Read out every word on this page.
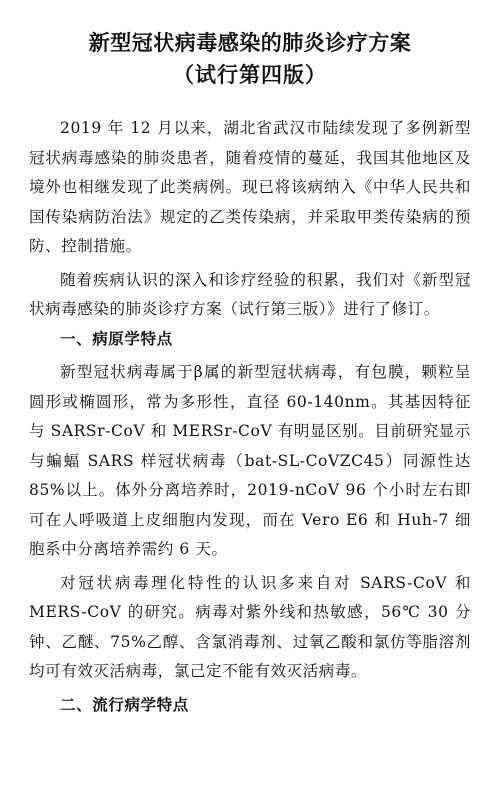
新型冠状病毒感染的肺炎诊疗方案
（试行第四版）

2019 年 12 月以来，湖北省武汉市陆续发现了多例新型冠状病毒感染的肺炎患者，随着疫情的蔓延，我国其他地区及境外也相继发现了此类病例。现已将该病纳入《中华人民共和国传染病防治法》规定的乙类传染病，并采取甲类传染病的预防、控制措施。

随着疾病认识的深入和诊疗经验的积累，我们对《新型冠状病毒感染的肺炎诊疗方案（试行第三版）》进行了修订。

一、病原学特点

新型冠状病毒属于β属的新型冠状病毒，有包膜，颗粒呈圆形或椭圆形，常为多形性，直径 60-140nm。其基因特征与 SARSr-CoV 和 MERSr-CoV 有明显区别。目前研究显示与蝙蝠 SARS 样冠状病毒（bat-SL-CoVZC45）同源性达 85%以上。体外分离培养时，2019-nCoV 96 个小时左右即可在人呼吸道上皮细胞内发现，而在 Vero E6 和 Huh-7 细胞系中分离培养需约 6 天。

对冠状病毒理化特性的认识多来自对 SARS-CoV 和 MERS-CoV 的研究。病毒对紫外线和热敏感，56℃ 30 分钟、乙醚、75%乙醇、含氯消毒剂、过氧乙酸和氯仿等脂溶剂均可有效灭活病毒，氯己定不能有效灭活病毒。

二、流行病学特点
